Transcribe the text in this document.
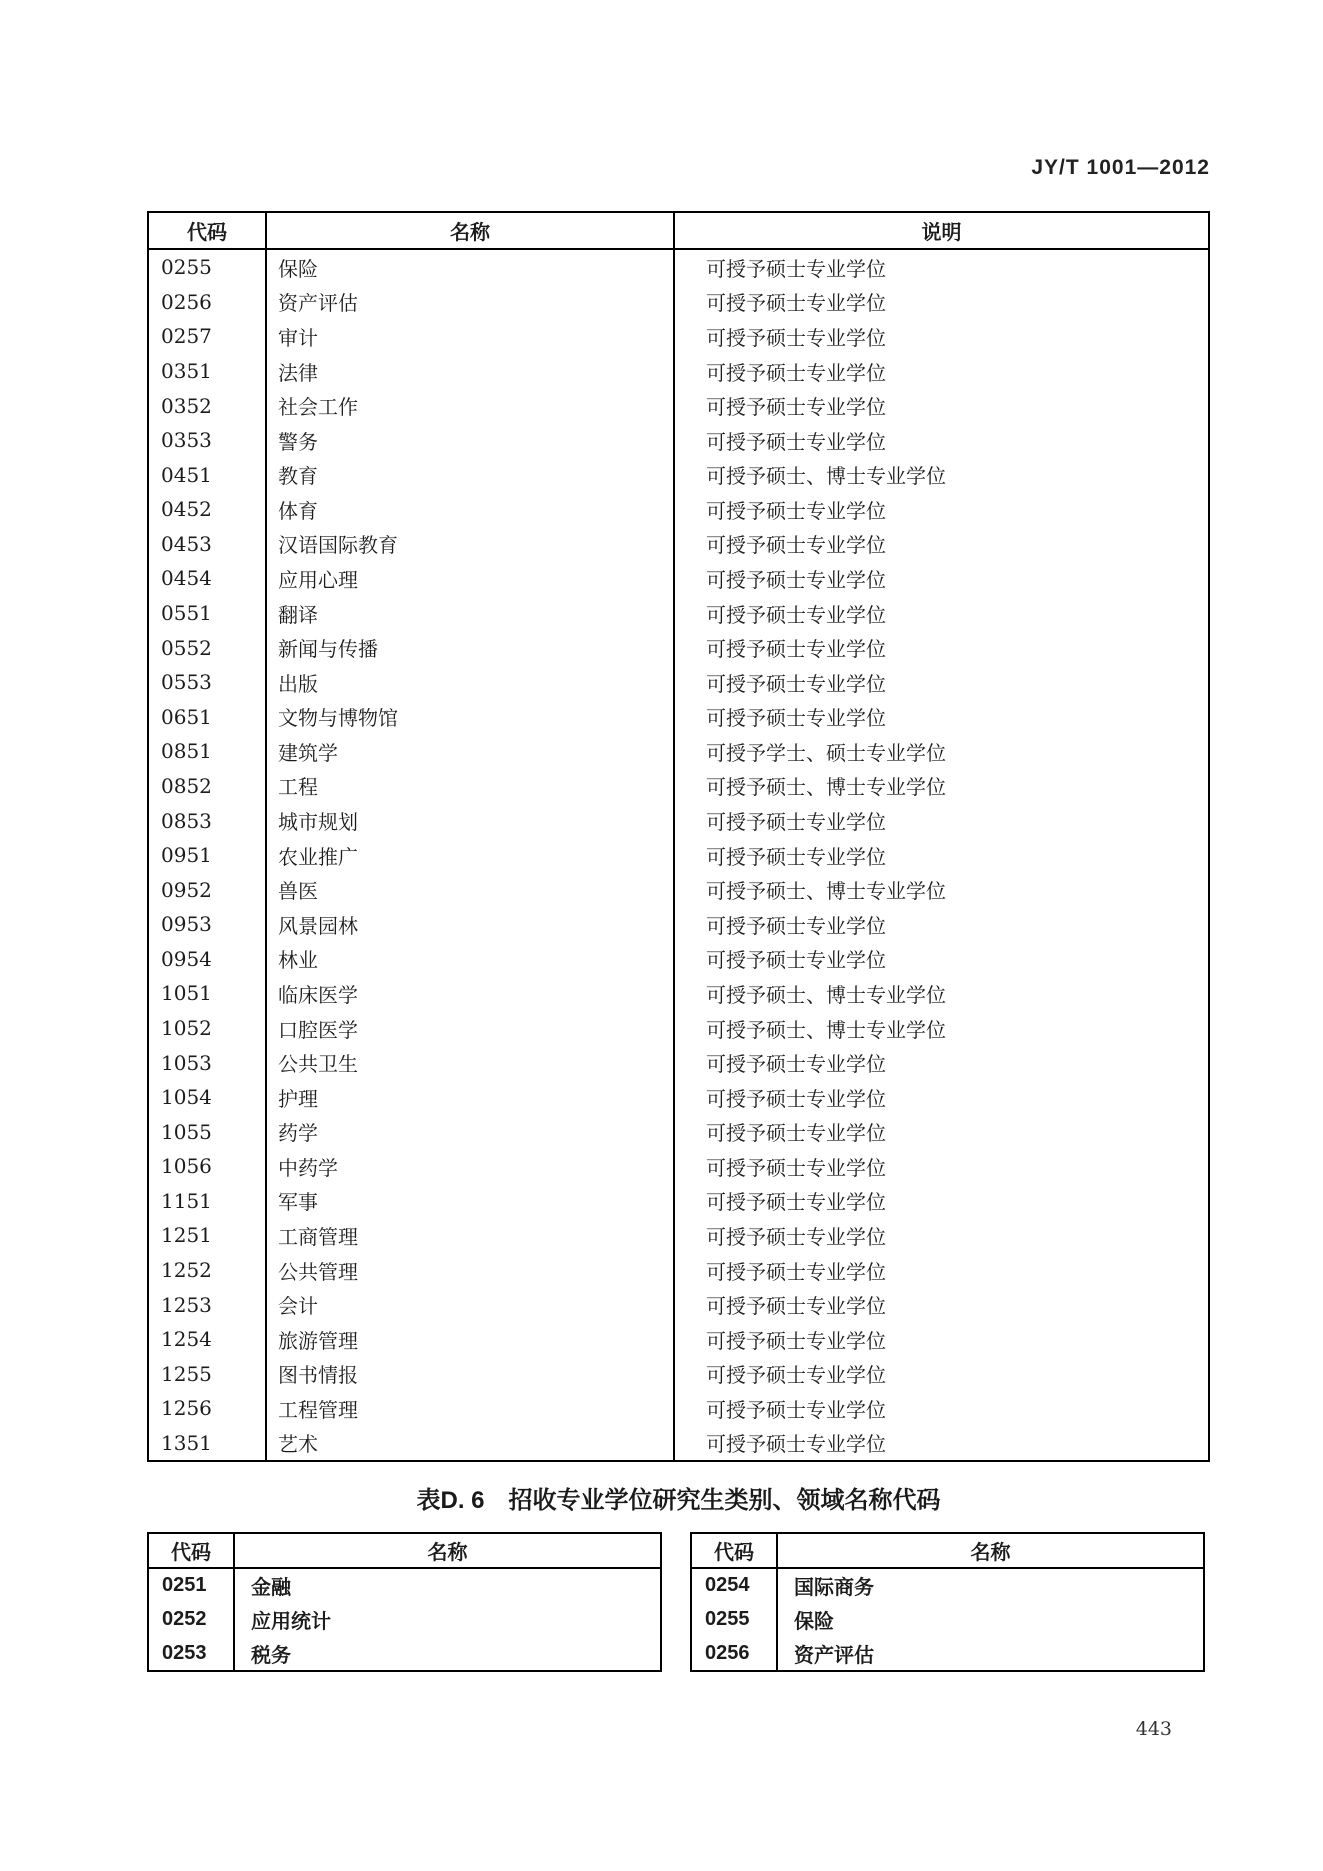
JY/T 1001—2012
代码	名称	说明
0255	保险	可授予硕士专业学位
0256	资产评估	可授予硕士专业学位
0257	审计	可授予硕士专业学位
0351	法律	可授予硕士专业学位
0352	社会工作	可授予硕士专业学位
0353	警务	可授予硕士专业学位
0451	教育	可授予硕士、博士专业学位
0452	体育	可授予硕士专业学位
0453	汉语国际教育	可授予硕士专业学位
0454	应用心理	可授予硕士专业学位
0551	翻译	可授予硕士专业学位
0552	新闻与传播	可授予硕士专业学位
0553	出版	可授予硕士专业学位
0651	文物与博物馆	可授予硕士专业学位
0851	建筑学	可授予学士、硕士专业学位
0852	工程	可授予硕士、博士专业学位
0853	城市规划	可授予硕士专业学位
0951	农业推广	可授予硕士专业学位
0952	兽医	可授予硕士、博士专业学位
0953	风景园林	可授予硕士专业学位
0954	林业	可授予硕士专业学位
1051	临床医学	可授予硕士、博士专业学位
1052	口腔医学	可授予硕士、博士专业学位
1053	公共卫生	可授予硕士专业学位
1054	护理	可授予硕士专业学位
1055	药学	可授予硕士专业学位
1056	中药学	可授予硕士专业学位
1151	军事	可授予硕士专业学位
1251	工商管理	可授予硕士专业学位
1252	公共管理	可授予硕士专业学位
1253	会计	可授予硕士专业学位
1254	旅游管理	可授予硕士专业学位
1255	图书情报	可授予硕士专业学位
1256	工程管理	可授予硕士专业学位
1351	艺术	可授予硕士专业学位
表D. 6　招收专业学位研究生类别、领域名称代码
代码	名称
0251	金融
0252	应用统计
0253	税务
代码	名称
0254	国际商务
0255	保险
0256	资产评估
443
